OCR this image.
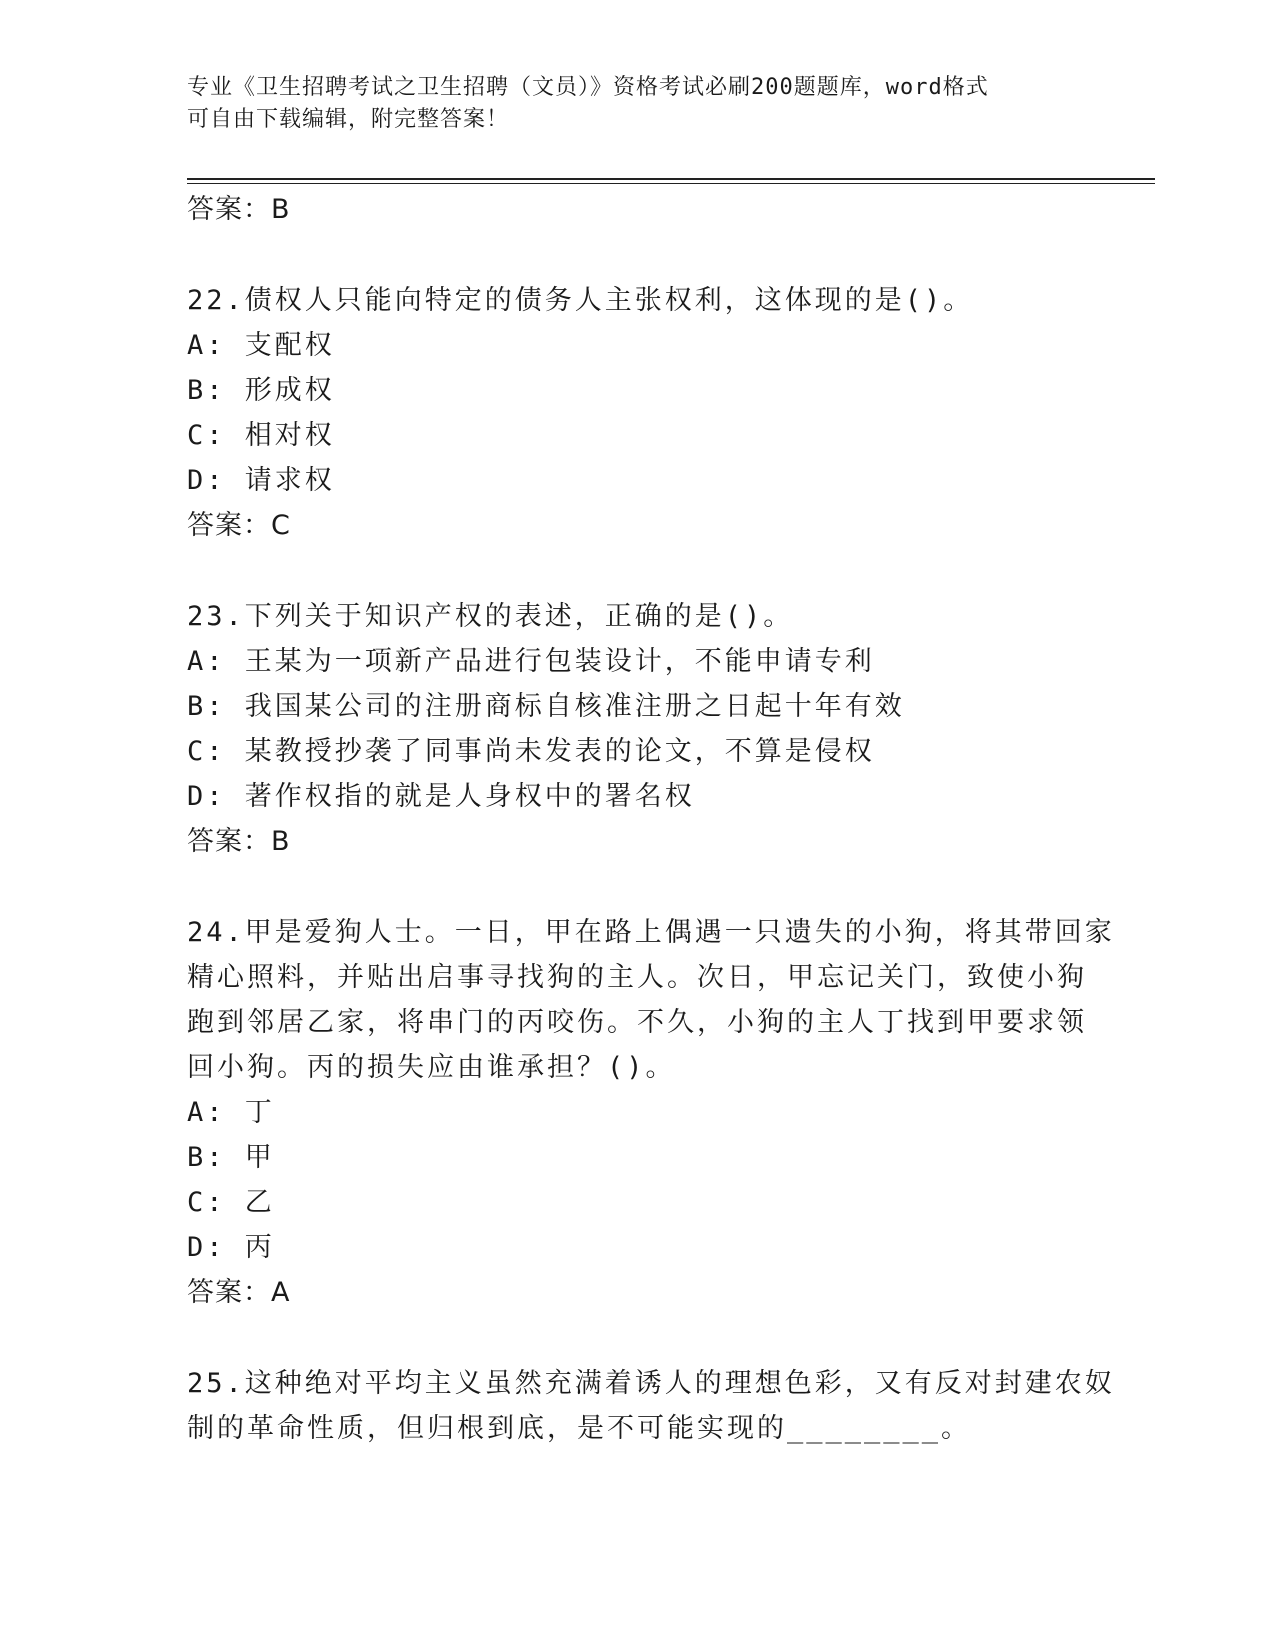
专业《卫生招聘考试之卫生招聘（文员）》资格考试必刷200题题库，word格式
可自由下载编辑，附完整答案！
答案：B
22.债权人只能向特定的债务人主张权利，这体现的是()。
A: 支配权
B: 形成权
C: 相对权
D: 请求权
答案：C
23.下列关于知识产权的表述，正确的是()。
A: 王某为一项新产品进行包装设计，不能申请专利
B: 我国某公司的注册商标自核准注册之日起十年有效
C: 某教授抄袭了同事尚未发表的论文，不算是侵权
D: 著作权指的就是人身权中的署名权
答案：B
24.甲是爱狗人士。一日，甲在路上偶遇一只遗失的小狗，将其带回家
精心照料，并贴出启事寻找狗的主人。次日，甲忘记关门，致使小狗
跑到邻居乙家，将串门的丙咬伤。不久，小狗的主人丁找到甲要求领
回小狗。丙的损失应由谁承担？()。
A: 丁
B: 甲
C: 乙
D: 丙
答案：A
25.这种绝对平均主义虽然充满着诱人的理想色彩，又有反对封建农奴
制的革命性质，但归根到底，是不可能实现的________。
